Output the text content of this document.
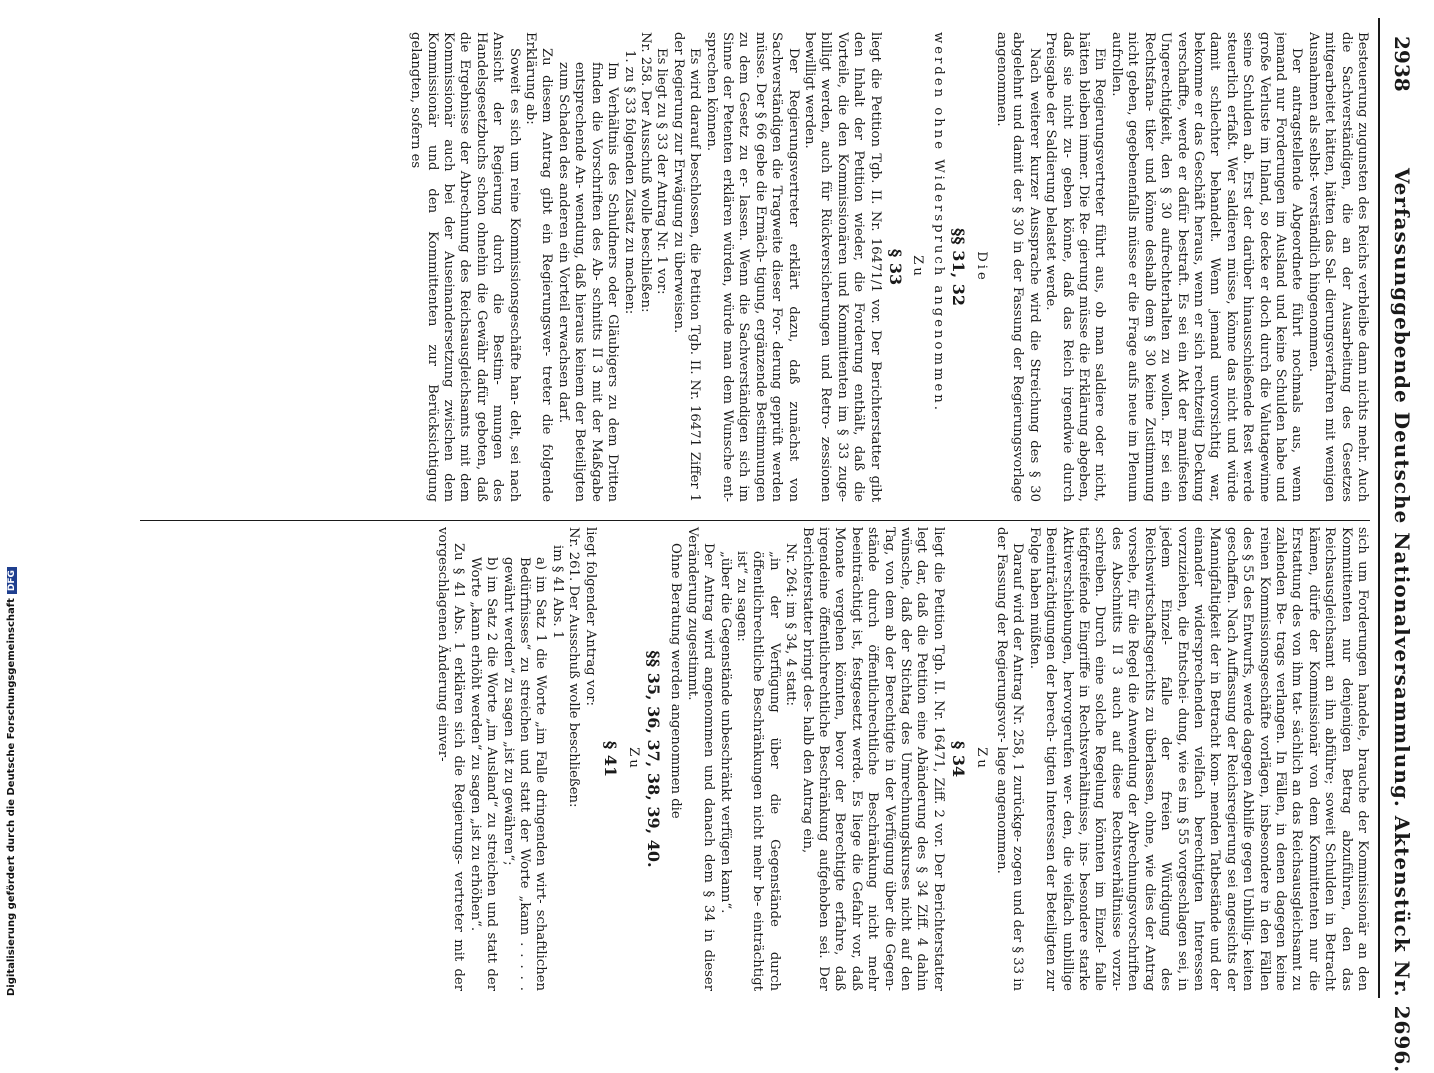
2938
Verfassunggebende Deutsche Nationalversammlung. Aktenstück Nr. 2696.

Besteuerung zugunsten des Reichs verbleibe dann nichts mehr. Auch die Sachverständigen, die an der Ausarbeitung des Gesetzes mitgearbeitet hätten, hätten das Sal- dierungsverfahren mit wenigen Ausnahmen als selbst- verständlich hingenommen.

Der antragstellende Abgeordnete führt nochmals aus, wenn jemand nur Forderungen im Ausland und keine Schulden habe und große Verluste im Inland, so decke er doch durch die Valutagewinne seine Schulden ab. Erst der darüber hinausschießende Rest werde steuerlich erfaßt. Wer saldieren müsse, könne das nicht und würde damit schlechter behandelt. Wenn jemand unvorsichtig war, bekomme er das Geschäft heraus, wenn er sich rechtzeitig Deckung verschaffte, werde er dafür bestraft. Es sei ein Akt der manifesten Ungerechtigkeit, den § 30 aufrechterhalten zu wollen. Er sei ein Rechtsfana- tiker und könne deshalb dem § 30 keine Zustimmung nicht geben, gegebenenfalls müsse er die Frage aufs neue im Plenum aufrollen.

Ein Regierungsvertreter führt aus, ob man saldiere oder nicht, hätten bleiben immer. Die Re- gierung müsse die Erklärung abgeben, daß sie nicht zu- geben könne, daß das Reich irgendwie durch Preisgabe der Saldierung belastet werde.

Nach weiterer kurzer Aussprache wird die Streichung des § 30 abgelehnt und damit der § 30 in der Fassung der Regierungsvorlage angenommen.

Die

§§ 31, 32

werden ohne Widerspruch angenommen.

Zu

§ 33

liegt die Petition Tgb. II. Nr. 16471/1 vor. Der Berichterstatter gibt den Inhalt der Petition wieder, die Forderung enthält, daß die Vorteile, die den Kommissionären und Kommittenten im § 33 zuge- billigt werden, auch für Rückversicherungen und Retro- zessionen bewilligt werden.

Der Regierungsvertreter erklärt dazu, daß zunächst von Sachverständigen die Tragweite dieser For- derung geprüft werden müsse. Der § 66 gebe die Ermäch- tigung, ergänzende Bestimmungen zu dem Gesetz zu er- lassen. Wenn die Sachverständigen sich im Sinne der Petenten erklären würden, würde man dem Wunsche ent- sprechen können.

Es wird darauf beschlossen, die Petition Tgb. II. Nr. 16471 Ziffer 1 der Regierung zur Erwägung zu überweisen.

Es liegt zu § 33 der Antrag Nr. 1 vor:

Nr. 258. Der Ausschuß wolle beschließen:

1. zu § 33 folgenden Zusatz zu machen:

Im Verhältnis des Schuldners oder Gläubigers zu dem Dritten finden die Vorschriften des Ab- schnitts II 3 mit der Maßgabe entsprechende An- wendung, daß hieraus keinem der Beteiligten zum Schaden des anderen ein Vorteil erwachsen darf.

Zu diesem Antrag gibt ein Regierungsver- treter die folgende Erklärung ab:

Soweit es sich um reine Kommissionsgeschäfte han- delt, sei nach Ansicht der Regierung durch die Bestim- mungen des Handelsgesetzbuchs schon ohnehin die Gewähr dafür geboten, daß die Ergebnisse der Abrechnung des Reichsausgleichsamts mit dem Kommissionär auch bei der Auseinandersetzung zwischen dem Kommissionär und den Kommittenten zur Berücksichtigung gelangten, sofern es

sich um Forderungen handele, brauche der Kommissionär an den Kommittenten nur denjenigen Betrag abzuführen, den das Reichsausgleichsamt an ihn abführe; soweit Schulden in Betracht kämen, dürfe der Kommissionär von dem Kommittenten nur die Erstattung des von ihm tat- sächlich an das Reichsausgleichsamt zu zahlenden Be- trags verlangen. In Fällen, in denen dagegen keine reinen Kommissionsgeschäfte vorlägen, insbesondere in den Fällen des § 55 des Entwurfs, werde dagegen Abhilfe gegen Unbillig- keiten geschaffen. Nach Auffassung der Reichsregierung sei angesichts der Mannigfaltigkeit der in Betracht kom- menden Tatbestände und der einander widersprechenden vielfach berechtigten Interessen vorzuziehen, die Entschei- dung, wie es im § 55 vorgeschlagen sei, in jedem Einzel- falle der freien Würdigung des Reichswirtschaftsgerichts zu überlassen, ohne, wie dies der Antrag vorsehe, für die Regel die Anwendung der Abrechnungsvorschriften des Abschnitts II 3 auch auf diese Rechtsverhältnisse vorzu- schreiben. Durch eine solche Regelung könnten im Einzel- falle tiefgreifende Eingriffe in Rechtsverhältnisse, ins- besondere starke Aktiverschiebungen, hervorgerufen wer- den, die vielfach unbillige Beeinträchtigungen der berech- tigten Interessen der Beteiligten zur Folge haben müßten.

Darauf wird der Antrag Nr. 258, 1 zurückge- zogen und der § 33 in der Fassung der Regierungsvor- lage angenommen.

Zu

§ 34

liegt die Petition Tgb. II. Nr. 16471, Ziff. 2 vor. Der Berichterstatter legt dar, daß die Petition eine Abänderung des § 34 Ziff. 4 dahin wünsche, daß der Stichtag des Umrechnungskurses nicht auf den Tag, von dem ab der Berechtigte in der Verfügung über die Gegen- stände durch öffentlichrechtliche Beschränkung nicht mehr beeinträchtigt ist, festgesetzt werde. Es liege die Gefahr vor, daß Monate vergehen könnten, bevor der Berechtigte erfahre, daß irgendeine öffentlichrechtliche Beschränkung aufgehoben sei. Der Berichterstatter bringt des- halb den Antrag ein,

Nr. 264: im § 34, 4 statt:

„in der Verfügung über die Gegenstände durch öffentlichrechtliche Beschränkungen nicht mehr be- einträchtigt ist“ zu sagen:

„über die Gegenstände unbeschränkt verfügen kann“.

Der Antrag wird angenommen und danach dem § 34 in dieser Veränderung zugestimmt.

Ohne Beratung werden angenommen die

§§ 35, 36, 37, 38, 39, 40.

Zu

§ 41

liegt folgender Antrag vor:

Nr. 261. Der Ausschuß wolle beschließen:

im § 41 Abs. 1

a) im Satz 1 die Worte „im Falle dringenden wirt- schaftlichen Bedürfnisses“ zu streichen und statt der Worte „kann . . . . . gewährt werden“ zu sagen „ist zu gewähren“;

b) im Satz 2 die Worte „im Ausland“ zu streichen und statt der Worte „kann erhöht werden“ zu sagen „ist zu erhöhen“.

Zu § 41 Abs. 1 erklären sich die Regierungs- vertreter mit der vorgeschlagenen Änderung einver-

Digitalisierung gefördert durch die Deutsche ForschungsgemeinschaftDFG
